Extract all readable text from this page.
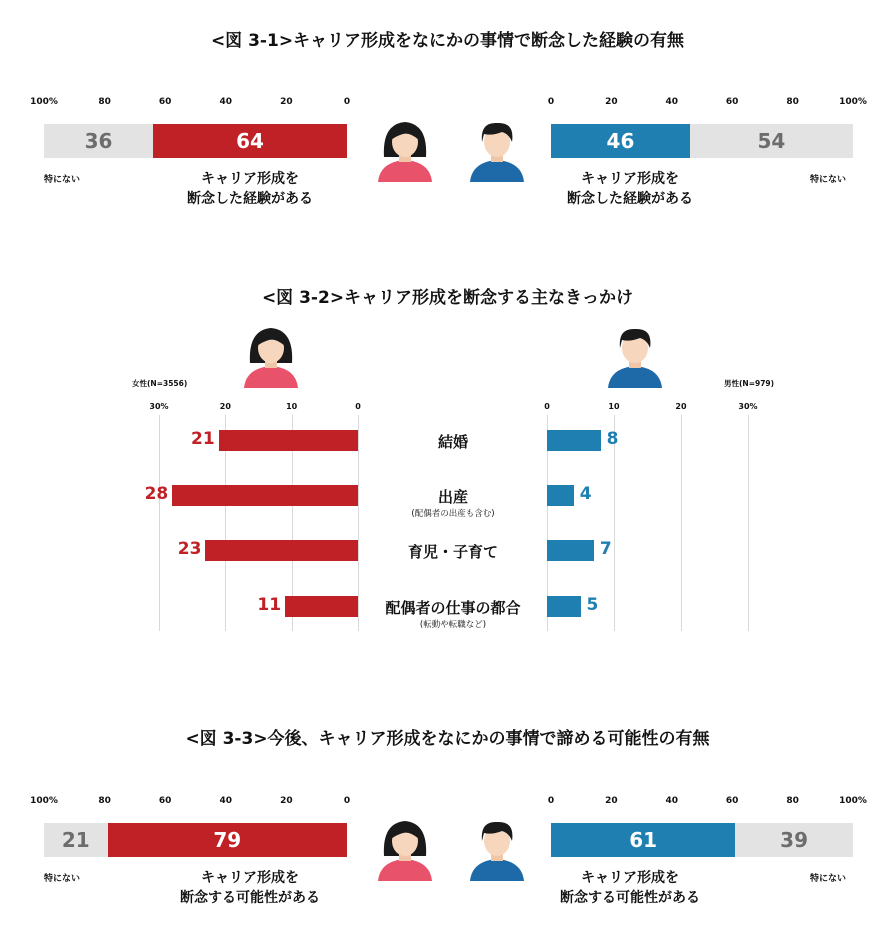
<図 3-1>キャリア形成をなにかの事情で断念した経験の有無
<図 3-2>キャリア形成を断念する主なきっかけ
<図 3-3>今後、キャリア形成をなにかの事情で諦める可能性の有無
100%	80	60	40	20	0	0	20	40	60	80	100%
64
36	46	54
特にない	特にない
キャリア形成を
断念した経験がある
キャリア形成を
断念した経験がある
女性(N=3556)	男性(N=979)
30%	20	10	0	0	10	20	30%
21	8
結婚
28	4
出産
(配偶者の出産も含む)
23	7
育児・子育て
11	5
配偶者の仕事の都合
(転動や転職など)
100%	80	60	40	20	0	0	20	40	60	80	100%
79
21	61	39
特にない	特にない
キャリア形成を
断念する可能性がある
キャリア形成を
断念する可能性がある
